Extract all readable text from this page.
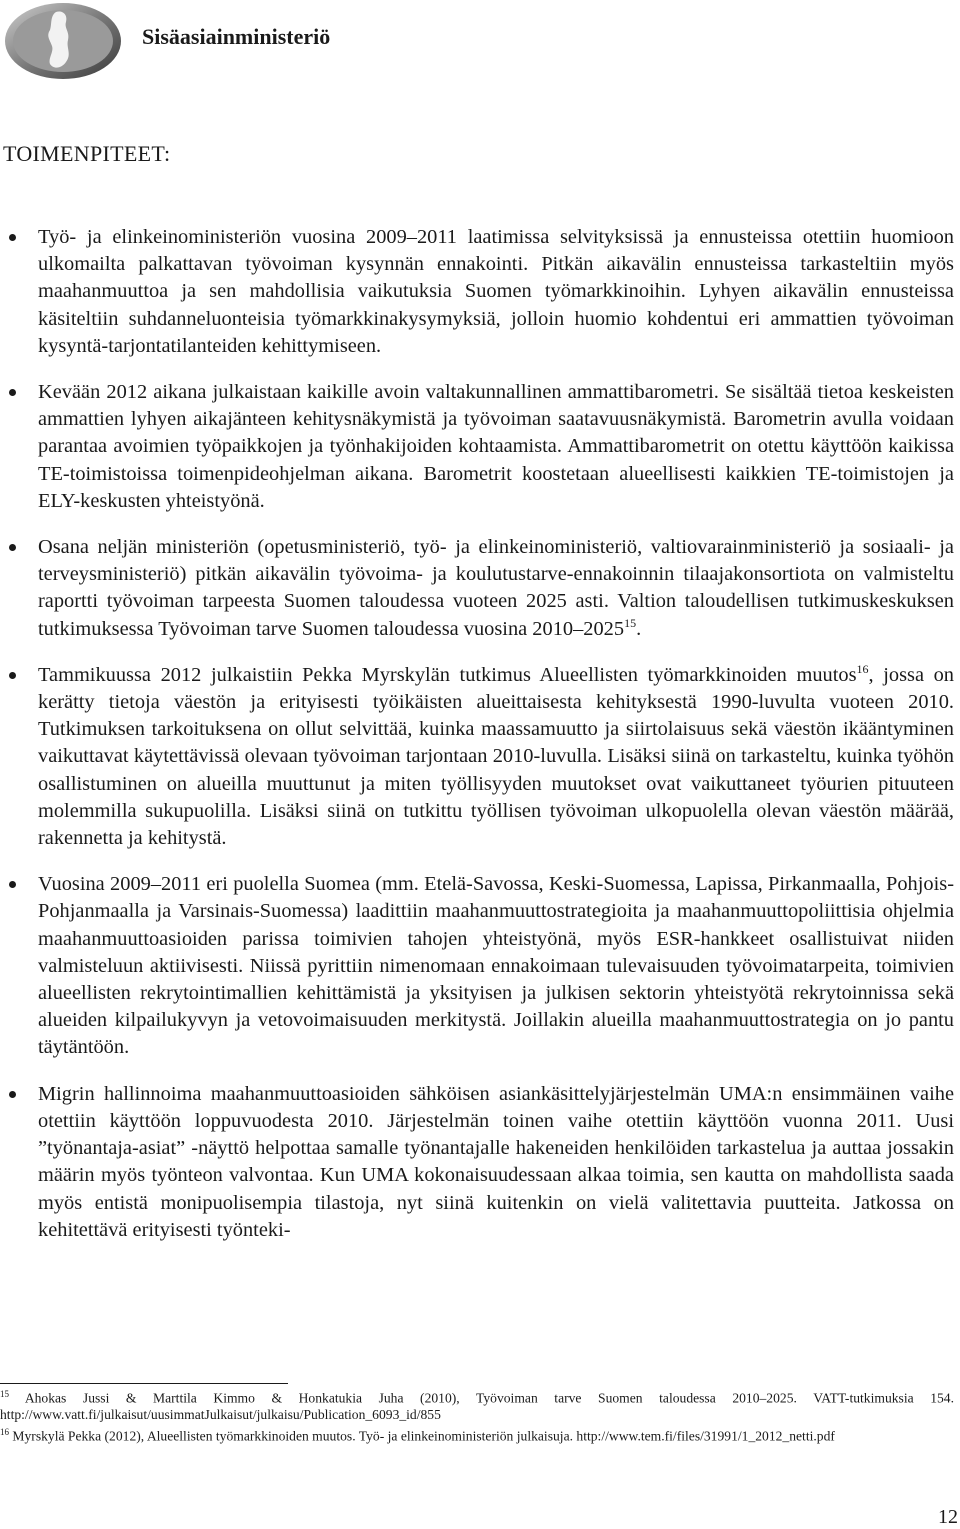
Sisäasiainministeriö
TOIMENPITEET:
Työ- ja elinkeinoministeriön vuosina 2009–2011 laatimissa selvityksissä ja ennusteissa otettiin huomioon ulkomailta palkattavan työvoiman kysynnän ennakointi. Pitkän aikavälin ennusteissa tarkasteltiin myös maahanmuuttoa ja sen mahdollisia vaikutuksia Suomen työmarkkinoihin. Lyhyen aikavälin ennusteissa käsiteltiin suhdanneluonteisia työmarkkinakysymyksiä, jolloin huomio kohdentui eri ammattien työvoiman kysyntä-tarjontatilanteiden kehittymiseen.
Kevään 2012 aikana julkaistaan kaikille avoin valtakunnallinen ammattibarometri. Se sisältää tietoa keskeisten ammattien lyhyen aikajänteen kehitysnäkymistä ja työvoiman saatavuusnäkymistä. Barometrin avulla voidaan parantaa avoimien työpaikkojen ja työnhakijoiden kohtaamista. Ammattibarometrit on otettu käyttöön kaikissa TE-toimistoissa toimenpideohjelman aikana. Barometrit koostetaan alueellisesti kaikkien TE-toimistojen ja ELY-keskusten yhteistyönä.
Osana neljän ministeriön (opetusministeriö, työ- ja elinkeinoministeriö, valtiovarainministeriö ja sosiaali- ja terveysministeriö) pitkän aikavälin työvoima- ja koulutustarve-ennakoinnin tilaajakonsortiota on valmisteltu raportti työvoiman tarpeesta Suomen taloudessa vuoteen 2025 asti. Valtion taloudellisen tutkimuskeskuksen tutkimuksessa Työvoiman tarve Suomen taloudessa vuosina 2010–2025$^{15}$.
Tammikuussa 2012 julkaistiin Pekka Myrskylän tutkimus Alueellisten työmarkkinoiden muutos$^{16}$, jossa on kerätty tietoja väestön ja erityisesti työikäisten alueittaisesta kehityksestä 1990-luvulta vuoteen 2010. Tutkimuksen tarkoituksena on ollut selvittää, kuinka maassamuutto ja siirtolaisuus sekä väestön ikääntyminen vaikuttavat käytettävissä olevaan työvoiman tarjontaan 2010-luvulla. Lisäksi siinä on tarkasteltu, kuinka työhön osallistuminen on alueilla muuttunut ja miten työllisyyden muutokset ovat vaikuttaneet työurien pituuteen molemmilla sukupuolilla. Lisäksi siinä on tutkittu työllisen työvoiman ulkopuolella olevan väestön määrää, rakennetta ja kehitystä.
Vuosina 2009–2011 eri puolella Suomea (mm. Etelä-Savossa, Keski-Suomessa, Lapissa, Pirkanmaalla, Pohjois-Pohjanmaalla ja Varsinais-Suomessa) laadittiin maahanmuuttostrategioita ja maahanmuuttopoliittisia ohjelmia maahanmuuttoasioiden parissa toimivien tahojen yhteistyönä, myös ESR-hankkeet osallistuivat niiden valmisteluun aktiivisesti. Niissä pyrittiin nimenomaan ennakoimaan tulevaisuuden työvoimatarpeita, toimivien alueellisten rekrytointimallien kehittämistä ja yksityisen ja julkisen sektorin yhteistyötä rekrytoinnissa sekä alueiden kilpailukyvyn ja vetovoimaisuuden merkitystä. Joillakin alueilla maahanmuuttostrategia on jo pantu täytäntöön.
Migrin hallinnoima maahanmuuttoasioiden sähköisen asiankäsittelyjärjestelmän UMA:n ensimmäinen vaihe otettiin käyttöön loppuvuodesta 2010. Järjestelmän toinen vaihe otettiin käyttöön vuonna 2011. Uusi ”työnantaja-asiat” -näyttö helpottaa samalle työnantajalle hakeneiden henkilöiden tarkastelua ja auttaa jossakin määrin myös työnteon valvontaa. Kun UMA kokonaisuudessaan alkaa toimia, sen kautta on mahdollista saada myös entistä monipuolisempia tilastoja, nyt siinä kuitenkin on vielä valitettavia puutteita. Jatkossa on kehitettävä erityisesti työnteki-
$^{15}$ Ahokas Jussi & Marttila Kimmo & Honkatukia Juha (2010), Työvoiman tarve Suomen taloudessa 2010–2025. VATT-tutkimuksia 154. http://www.vatt.fi/julkaisut/uusimmatJulkaisut/julkaisu/Publication_6093_id/855
$^{16}$ Myrskylä Pekka (2012), Alueellisten työmarkkinoiden muutos. Työ- ja elinkeinoministeriön julkaisuja. http://www.tem.fi/files/31991/1_2012_netti.pdf
12
